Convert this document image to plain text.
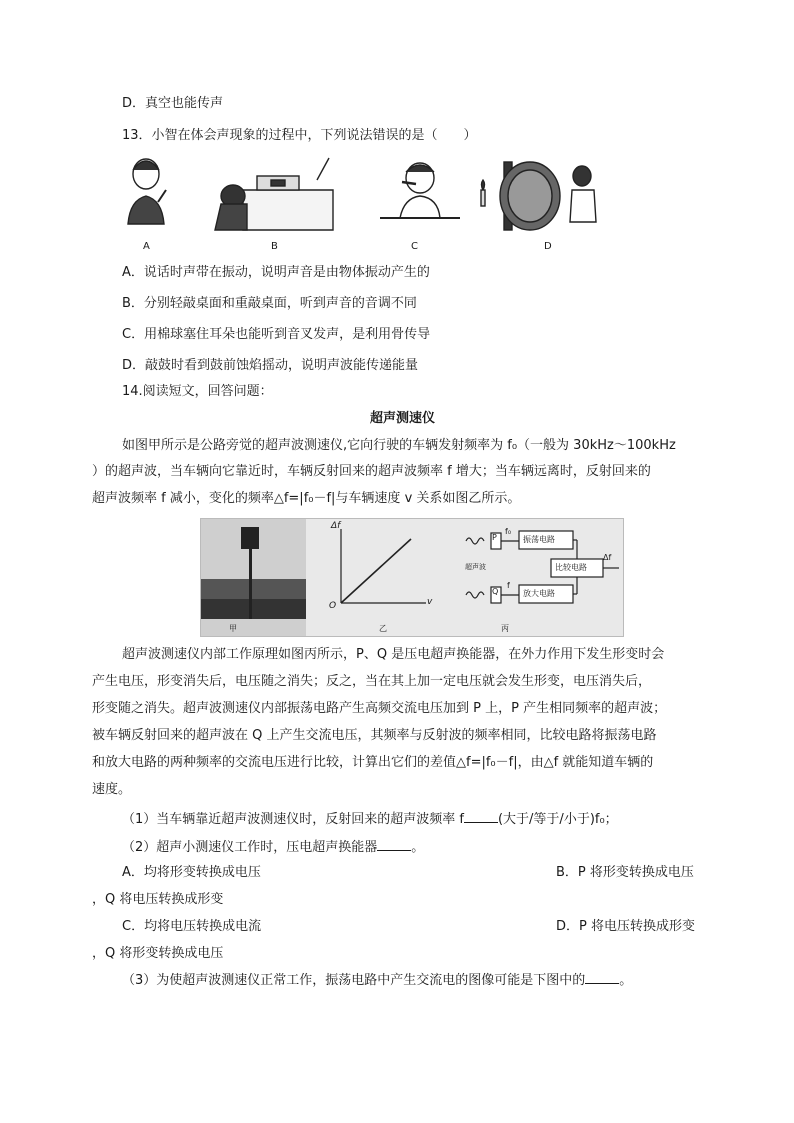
D．真空也能传声
13．小智在体会声现象的过程中，下列说法错误的是（　　）
A	B	C	D
A．说话时声带在振动，说明声音是由物体振动产生的
B．分别轻敲桌面和重敲桌面，听到声音的音调不同
C．用棉球塞住耳朵也能听到音叉发声，是利用骨传导
D．敲鼓时看到鼓前蚀焰摇动，说明声波能传递能量
14.阅读短文，回答问题：
超声测速仪
如图甲所示是公路旁觉的超声波测速仪,它向行驶的车辆发射频率为 f₀（一般为 30kHz～100kHz
）的超声波，当车辆向它靠近时，车辆反射回来的超声波频率 f 增大；当车辆远离时，反射回来的
超声波频率 f 减小，变化的频率△f=|f₀－f|与车辆速度 v 关系如图乙所示。
Δf
v
O
P
Q
f₀
f
振荡电路
比较电路
放大电路
超声波
Δf
甲	乙	丙
超声波测速仪内部工作原理如图丙所示，P、Q 是压电超声换能器，在外力作用下发生形变时会
产生电压，形变消失后，电压随之消失；反之，当在其上加一定电压就会发生形变，电压消失后，
形变随之消失。超声波测速仪内部振荡电路产生高频交流电压加到 P 上，P 产生相同频率的超声波；
被车辆反射回来的超声波在 Q 上产生交流电压，其频率与反射波的频率相同，比较电路将振荡电路
和放大电路的两种频率的交流电压进行比较，计算出它们的差值△f=|f₀－f|，由△f 就能知道车辆的
速度。
（1）当车辆靠近超声波测速仪时，反射回来的超声波频率 f	(大于/等于/小于)f₀；
（2）超声小测速仪工作时，压电超声换能器	。
A．均将形变转换成电压	B．P 将形变转换成电压
，Q 将电压转换成形变
C．均将电压转换成电流	D．P 将电压转换成形变
，Q 将形变转换成电压
（3）为使超声波测速仪正常工作，振荡电路中产生交流电的图像可能是下图中的	。
